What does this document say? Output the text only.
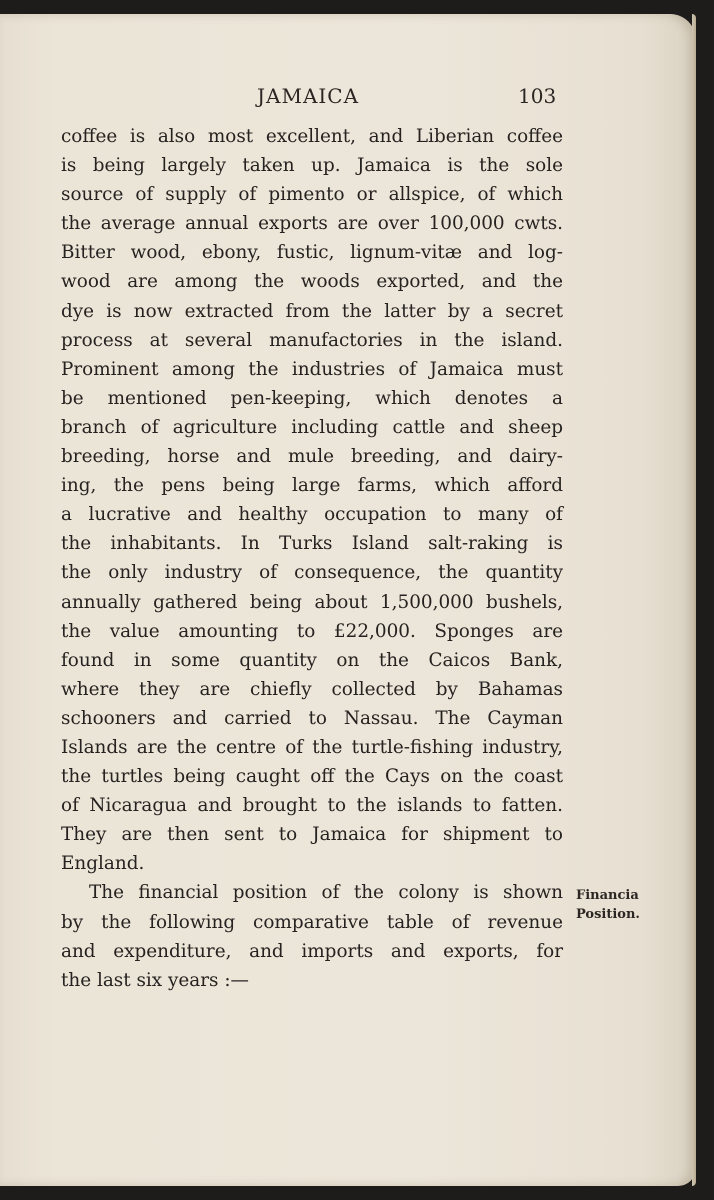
JAMAICA	103
coffee is also most excellent, and Liberian coffee
is being largely taken up. Jamaica is the sole
source of supply of pimento or allspice, of which
the average annual exports are over 100,000 cwts.
Bitter wood, ebony, fustic, lignum-vitæ and log-
wood are among the woods exported, and the
dye is now extracted from the latter by a secret
process at several manufactories in the island.
Prominent among the industries of Jamaica must
be mentioned pen-keeping, which denotes a
branch of agriculture including cattle and sheep
breeding, horse and mule breeding, and dairy-
ing, the pens being large farms, which afford
a lucrative and healthy occupation to many of
the inhabitants. In Turks Island salt-raking is
the only industry of consequence, the quantity
annually gathered being about 1,500,000 bushels,
the value amounting to £22,000. Sponges are
found in some quantity on the Caicos Bank,
where they are chiefly collected by Bahamas
schooners and carried to Nassau. The Cayman
Islands are the centre of the turtle-fishing industry,
the turtles being caught off the Cays on the coast
of Nicaragua and brought to the islands to fatten.
They are then sent to Jamaica for shipment to
England.
The financial position of the colony is shown
by the following comparative table of revenue
and expenditure, and imports and exports, for
the last six years :—
Financia
Position.
